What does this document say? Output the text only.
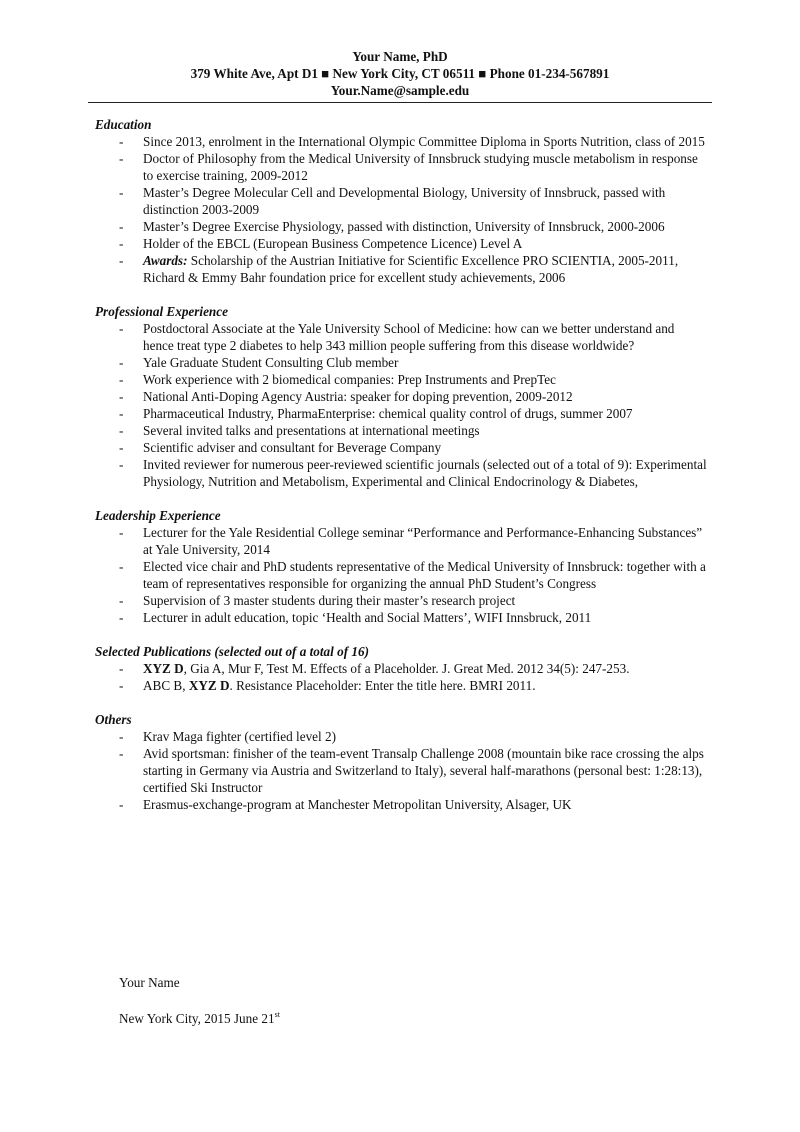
Your Name, PhD
379 White Ave, Apt D1 ■ New York City, CT 06511 ■ Phone 01-234-567891
Your.Name@sample.edu
Education
- Since 2013, enrolment in the International Olympic Committee Diploma in Sports Nutrition, class of 2015
- Doctor of Philosophy from the Medical University of Innsbruck studying muscle metabolism in response to exercise training, 2009-2012
- Master’s Degree Molecular Cell and Developmental Biology, University of Innsbruck, passed with distinction 2003-2009
- Master’s Degree Exercise Physiology, passed with distinction, University of Innsbruck, 2000-2006
- Holder of the EBCL (European Business Competence Licence) Level A
- Awards: Scholarship of the Austrian Initiative for Scientific Excellence PRO SCIENTIA, 2005-2011, Richard & Emmy Bahr foundation price for excellent study achievements, 2006
Professional Experience
- Postdoctoral Associate at the Yale University School of Medicine: how can we better understand and hence treat type 2 diabetes to help 343 million people suffering from this disease worldwide?
- Yale Graduate Student Consulting Club member
- Work experience with 2 biomedical companies: Prep Instruments and PrepTec
- National Anti-Doping Agency Austria: speaker for doping prevention, 2009-2012
- Pharmaceutical Industry, PharmaEnterprise: chemical quality control of drugs, summer 2007
- Several invited talks and presentations at international meetings
- Scientific adviser and consultant for Beverage Company
- Invited reviewer for numerous peer-reviewed scientific journals (selected out of a total of 9): Experimental Physiology, Nutrition and Metabolism, Experimental and Clinical Endocrinology & Diabetes,
Leadership Experience
- Lecturer for the Yale Residential College seminar “Performance and Performance-Enhancing Substances” at Yale University, 2014
- Elected vice chair and PhD students representative of the Medical University of Innsbruck: together with a team of representatives responsible for organizing the annual PhD Student’s Congress
- Supervision of 3 master students during their master’s research project
- Lecturer in adult education, topic ‘Health and Social Matters’, WIFI Innsbruck, 2011
Selected Publications (selected out of a total of 16)
- XYZ D, Gia A, Mur F, Test M. Effects of a Placeholder. J. Great Med. 2012 34(5): 247-253.
- ABC B, XYZ D. Resistance Placeholder: Enter the title here. BMRI 2011.
Others
- Krav Maga fighter (certified level 2)
- Avid sportsman: finisher of the team-event Transalp Challenge 2008 (mountain bike race crossing the alps starting in Germany via Austria and Switzerland to Italy), several half-marathons (personal best: 1:28:13), certified Ski Instructor
- Erasmus-exchange-program at Manchester Metropolitan University, Alsager, UK
Your Name
New York City, 2015 June 21st
